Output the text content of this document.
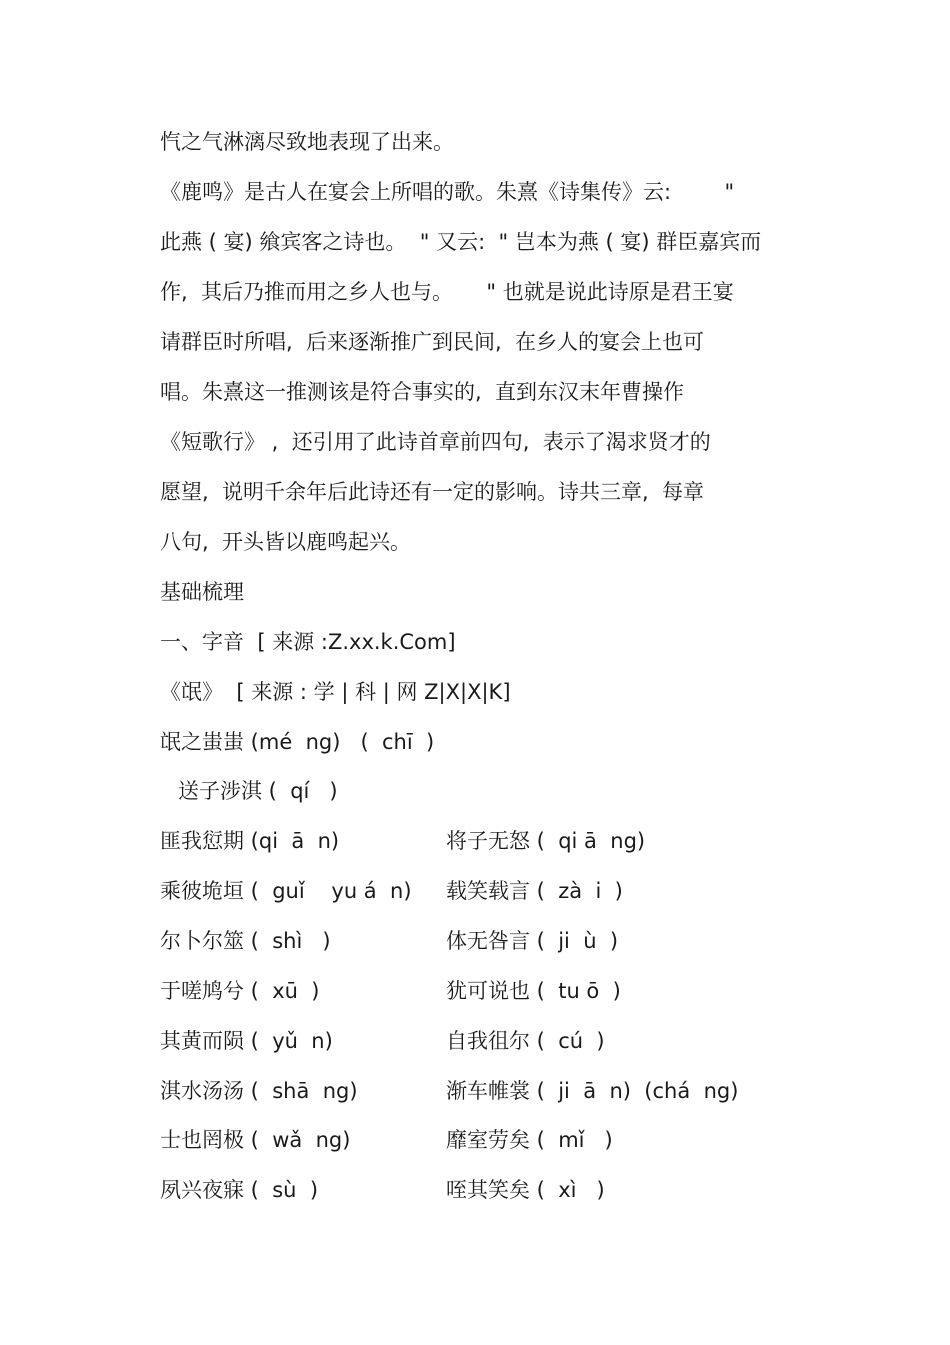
忾之气淋漓尽致地表现了出来。
《鹿鸣》是古人在宴会上所唱的歌。朱熹《诗集传》云:        "
此燕 ( 宴) 飨宾客之诗也。  " 又云:  " 岂本为燕 ( 宴) 群臣嘉宾而
作,  其后乃推而用之乡人也与。     " 也就是说此诗原是君王宴
请群臣时所唱,  后来逐渐推广到民间,  在乡人的宴会上也可
唱。朱熹这一推测该是符合事实的,  直到东汉末年曹操作
《短歌行》 ,  还引用了此诗首章前四句,  表示了渴求贤才的
愿望,  说明千余年后此诗还有一定的影响。诗共三章,  每章
八句,  开头皆以鹿鸣起兴。
基础梳理
一、字音  [ 来源 :Z.xx.k.Com]
《氓》  [ 来源 : 学 | 科 | 网 Z|X|X|K]
氓之蚩蚩 (mé  ng)   (  chī  )
送子涉淇 (  qí   )
匪我愆期 (qi  ā  n)	将子无怒 (  qi ā  ng)
乘彼垝垣 (  guǐ    yu á  n) 载笑载言 (  zà  i  )
尔卜尔筮 (  shì   )	体无咎言 (  ji  ù  )
于嗟鸠兮 (  xū  )	犹可说也 (  tu ō  )
其黄而陨 (  yǔ  n)	自我徂尔 (  cú  )
淇水汤汤 (  shā  ng)	渐车帷裳 (  ji  ā  n)  (chá  ng)
士也罔极 (  wǎ  ng)	靡室劳矣 (  mǐ   )
夙兴夜寐 (  sù  )	咥其笑矣 (  xì   )
